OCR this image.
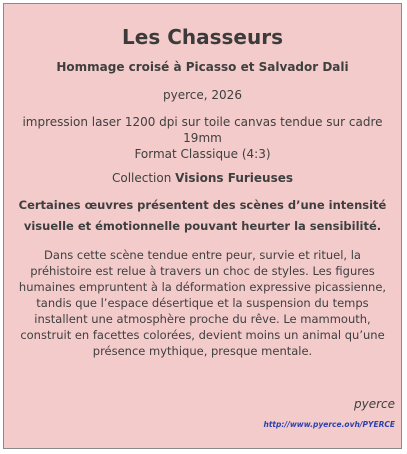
Les Chasseurs
Hommage croisé à Picasso et Salvador Dali
pyerce, 2026
impression laser 1200 dpi sur toile canvas tendue sur cadre 19mm
Format Classique (4:3)
Collection Visions Furieuses
Certaines œuvres présentent des scènes d’une intensité visuelle et émotionnelle pouvant heurter la sensibilité.
Dans cette scène tendue entre peur, survie et rituel, la préhistoire est relue à travers un choc de styles. Les figures humaines empruntent à la déformation expressive picassienne, tandis que l’espace désertique et la suspension du temps installent une atmosphère proche du rêve. Le mammouth, construit en facettes colorées, devient moins un animal qu’une présence mythique, presque mentale.
pyerce
http://www.pyerce.ovh/PYERCE
